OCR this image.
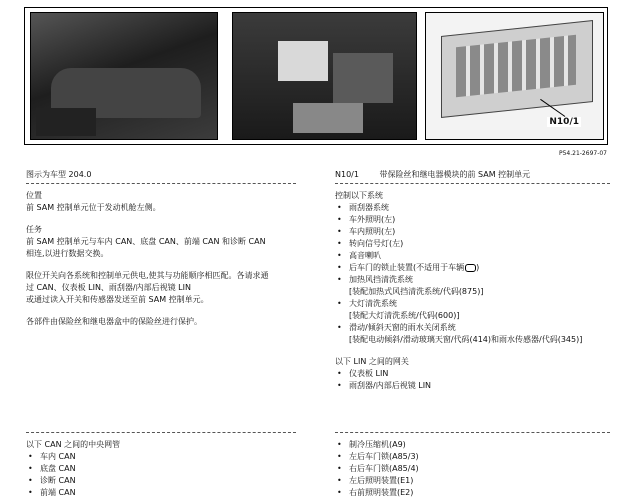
N10/1
P54.21-2697-07
图示为车型 204.0
位置
前 SAM 控制单元位于发动机舱左侧。
任务
前 SAM 控制单元与车内 CAN、底盘 CAN、前端 CAN 和诊断 CAN
相连,以进行数据交换。
限位开关向各系统和控制单元供电,使其与功能顺序相匹配。各请求通
过 CAN、仪表板 LIN、雨刮器/内部后视镜 LIN
或通过读入开关和传感器发送至前 SAM 控制单元。
各部件由保险丝和继电器盒中的保险丝进行保护。
以下 CAN 之间的中央网管
• 车内 CAN
• 底盘 CAN
• 诊断 CAN
• 前端 CAN
N10/1	带保险丝和继电器模块的前 SAM 控制单元
控制以下系统
• 雨刮器系统
• 车外照明(左)
• 车内照明(左)
• 转向信号灯(左)
• 高音喇叭
• 后车门的锁止装置(不适用于车辆 )
• 加热风挡清洗系统
[装配加热式风挡清洗系统/代码(875)]
• 大灯清洗系统
[装配大灯清洗系统/代码(600)]
• 滑动/倾斜天窗的雨水关闭系统
[装配电动倾斜/滑动玻璃天窗/代码(414)和雨水传感器/代码(345)]
以下 LIN 之间的网关
• 仪表板 LIN
• 雨刮器/内部后视镜 LIN
• 制冷压缩机(A9)
• 左后车门锁(A85/3)
• 右后车门锁(A85/4)
• 左后照明装置(E1)
• 右前照明装置(E2)
